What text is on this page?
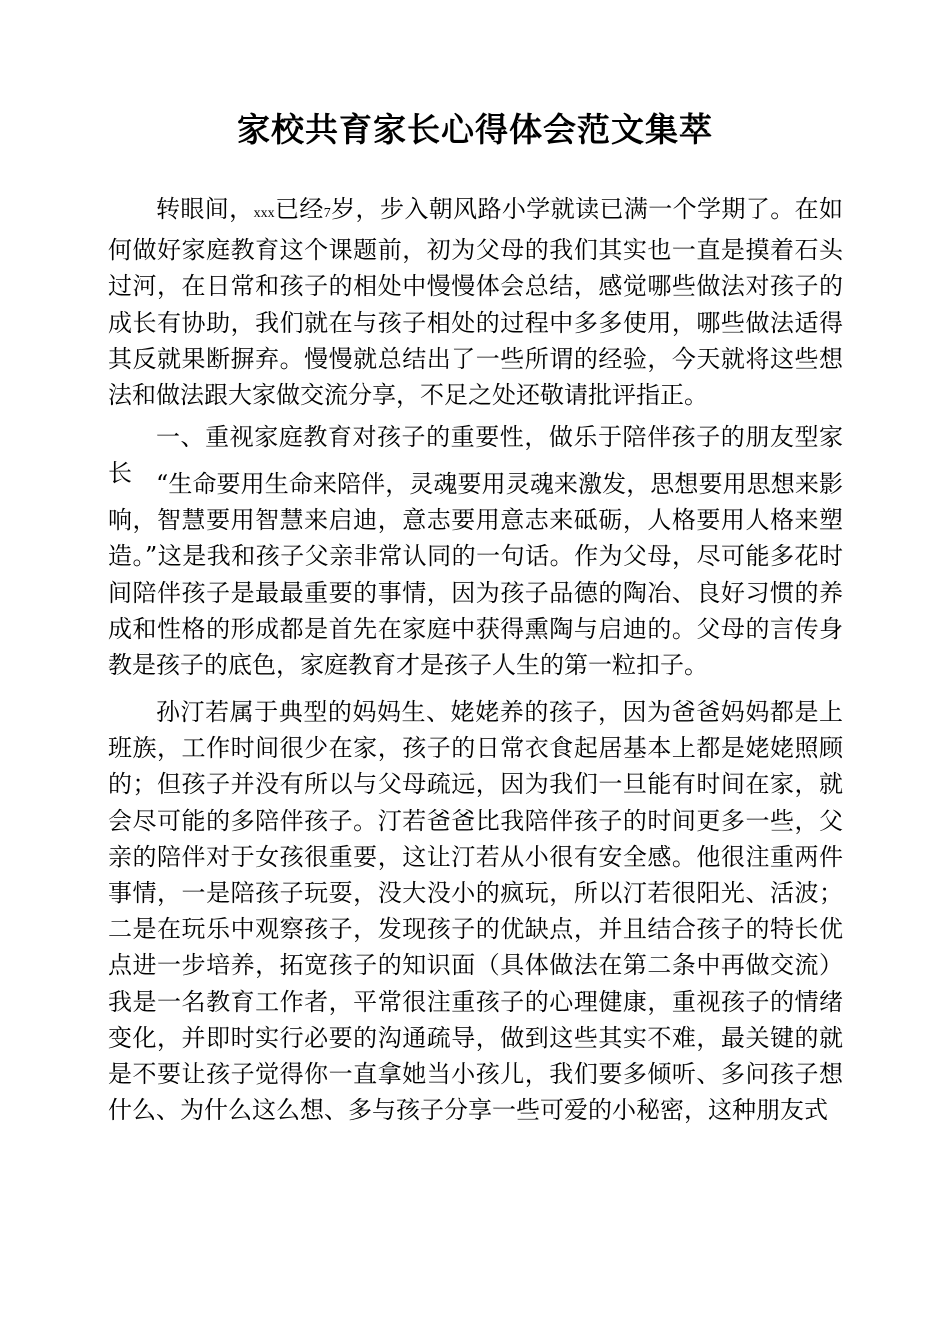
家校共育家长心得体会范文集萃

转眼间，xxx已经7岁，步入朝风路小学就读已满一个学期了。在如何做好家庭教育这个课题前，初为父母的我们其实也一直是摸着石头过河，在日常和孩子的相处中慢慢体会总结，感觉哪些做法对孩子的成长有协助，我们就在与孩子相处的过程中多多使用，哪些做法适得其反就果断摒弃。慢慢就总结出了一些所谓的经验，今天就将这些想法和做法跟大家做交流分享，不足之处还敬请批评指正。

一、重视家庭教育对孩子的重要性，做乐于陪伴孩子的朋友型家长	“生命要用生命来陪伴，灵魂要用灵魂来激发，思想要用思想来影响，智慧要用智慧来启迪，意志要用意志来砥砺，人格要用人格来塑造。”这是我和孩子父亲非常认同的一句话。作为父母，尽可能多花时间陪伴孩子是最最重要的事情，因为孩子品德的陶冶、良好习惯的养成和性格的形成都是首先在家庭中获得熏陶与启迪的。父母的言传身教是孩子的底色，家庭教育才是孩子人生的第一粒扣子。

孙汀若属于典型的妈妈生、姥姥养的孩子，因为爸爸妈妈都是上班族，工作时间很少在家，孩子的日常衣食起居基本上都是姥姥照顾的；但孩子并没有所以与父母疏远，因为我们一旦能有时间在家，就会尽可能的多陪伴孩子。汀若爸爸比我陪伴孩子的时间更多一些，父亲的陪伴对于女孩很重要，这让汀若从小很有安全感。他很注重两件事情，一是陪孩子玩耍，没大没小的疯玩，所以汀若很阳光、活波；二是在玩乐中观察孩子，发现孩子的优缺点，并且结合孩子的特长优点进一步培养，拓宽孩子的知识面（具体做法在第二条中再做交流）我是一名教育工作者，平常很注重孩子的心理健康，重视孩子的情绪变化，并即时实行必要的沟通疏导，做到这些其实不难，最关键的就是不要让孩子觉得你一直拿她当小孩儿，我们要多倾听、多问孩子想什么、为什么这么想、多与孩子分享一些可爱的小秘密，这种朋友式
